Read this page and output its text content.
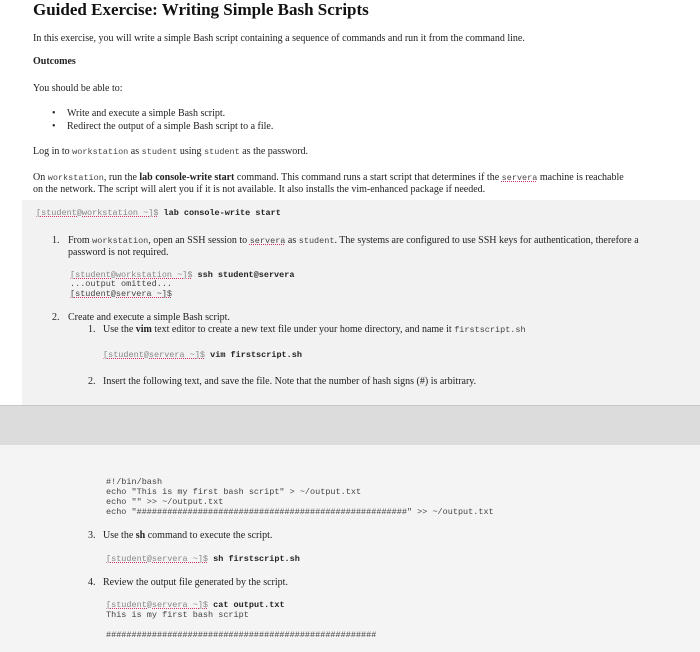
Guided Exercise: Writing Simple Bash Scripts
In this exercise, you will write a simple Bash script containing a sequence of commands and run it from the command line.
Outcomes
You should be able to:
• Write and execute a simple Bash script.
• Redirect the output of a simple Bash script to a file.
Log in to workstation as student using student as the password.
On workstation, run the lab console-write start command. This command runs a start script that determines if the servera machine is reachable
on the network. The script will alert you if it is not available. It also installs the vim-enhanced package if needed.
[student@workstation ~]$ lab console-write start
1. From workstation, open an SSH session to servera as student. The systems are configured to use SSH keys for authentication, therefore a
password is not required.
[student@workstation ~]$ ssh student@servera
...output omitted...
[student@servera ~]$
2. Create and execute a simple Bash script.
1. Use the vim text editor to create a new text file under your home directory, and name it firstscript.sh
[student@servera ~]$ vim firstscript.sh
2. Insert the following text, and save the file. Note that the number of hash signs (#) is arbitrary.
#!/bin/bash
echo "This is my first bash script" > ~/output.txt
echo "" >> ~/output.txt
echo "#####################################################" >> ~/output.txt
3. Use the sh command to execute the script.
[student@servera ~]$ sh firstscript.sh
4. Review the output file generated by the script.
[student@servera ~]$ cat output.txt
This is my first bash script
#####################################################
